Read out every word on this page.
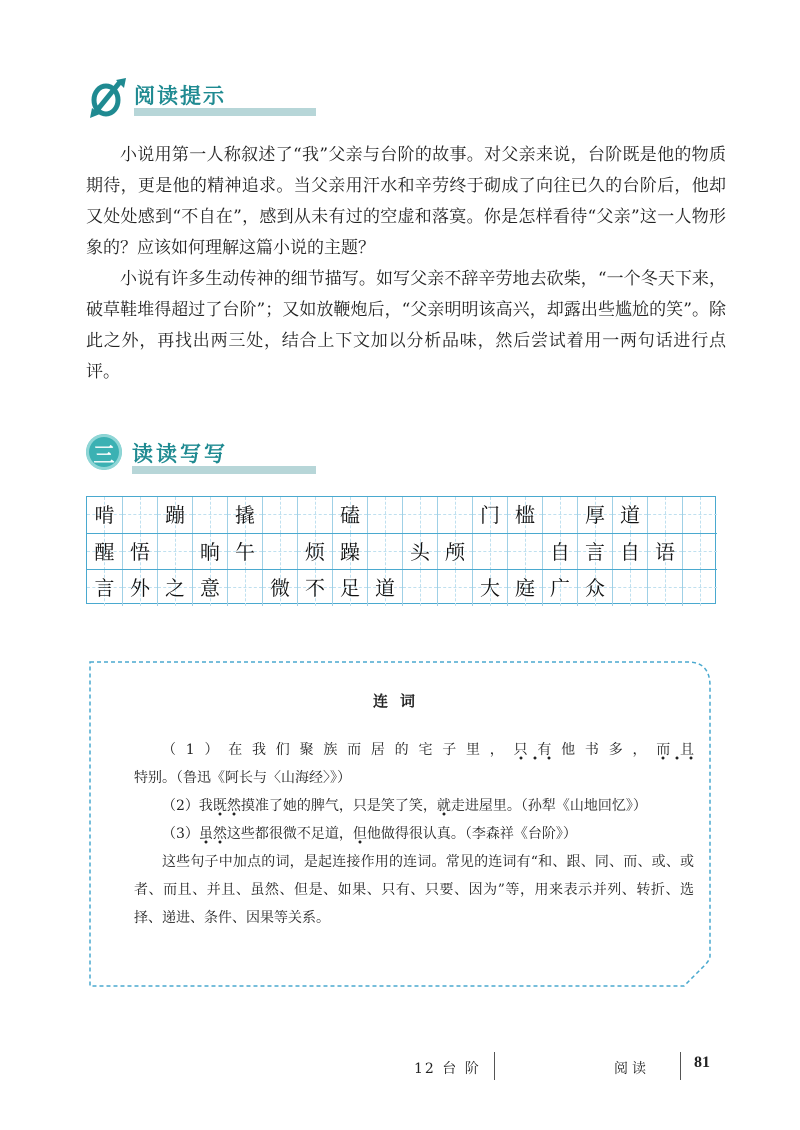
阅读提示

小说用第一人称叙述了“我”父亲与台阶的故事。对父亲来说，台阶既是他的物质期待，更是他的精神追求。当父亲用汗水和辛劳终于砌成了向往已久的台阶后，他却又处处感到“不自在”，感到从未有过的空虚和落寞。你是怎样看待“父亲”这一人物形象的？应该如何理解这篇小说的主题？

小说有许多生动传神的细节描写。如写父亲不辞辛劳地去砍柴，“一个冬天下来，破草鞋堆得超过了台阶”；又如放鞭炮后，“父亲明明该高兴，却露出些尴尬的笑”。除此之外，再找出两三处，结合上下文加以分析品味，然后尝试着用一两句话进行点评。

三 读读写写
啃	蹦	撬	磕	门 槛	厚 道
醒 悟	晌 午	烦 躁	头 颅	自 言 自 语
言 外 之 意	微 不 足 道	大 庭 广 众
连词

（1）在我们聚族而居的宅子里，只有他书多，而且特别。（鲁迅《阿长与〈山海经〉》）

（2）我既然摸准了她的脾气，只是笑了笑，就走进屋里。（孙犁《山地回忆》）

（3）虽然这些都很微不足道，但他做得很认真。（李森祥《台阶》）

这些句子中加点的词，是起连接作用的连词。常见的连词有“和、跟、同、而、或、或者、而且、并且、虽然、但是、如果、只有、只要、因为”等，用来表示并列、转折、选择、递进、条件、因果等关系。

12 台 阶	阅读	81
